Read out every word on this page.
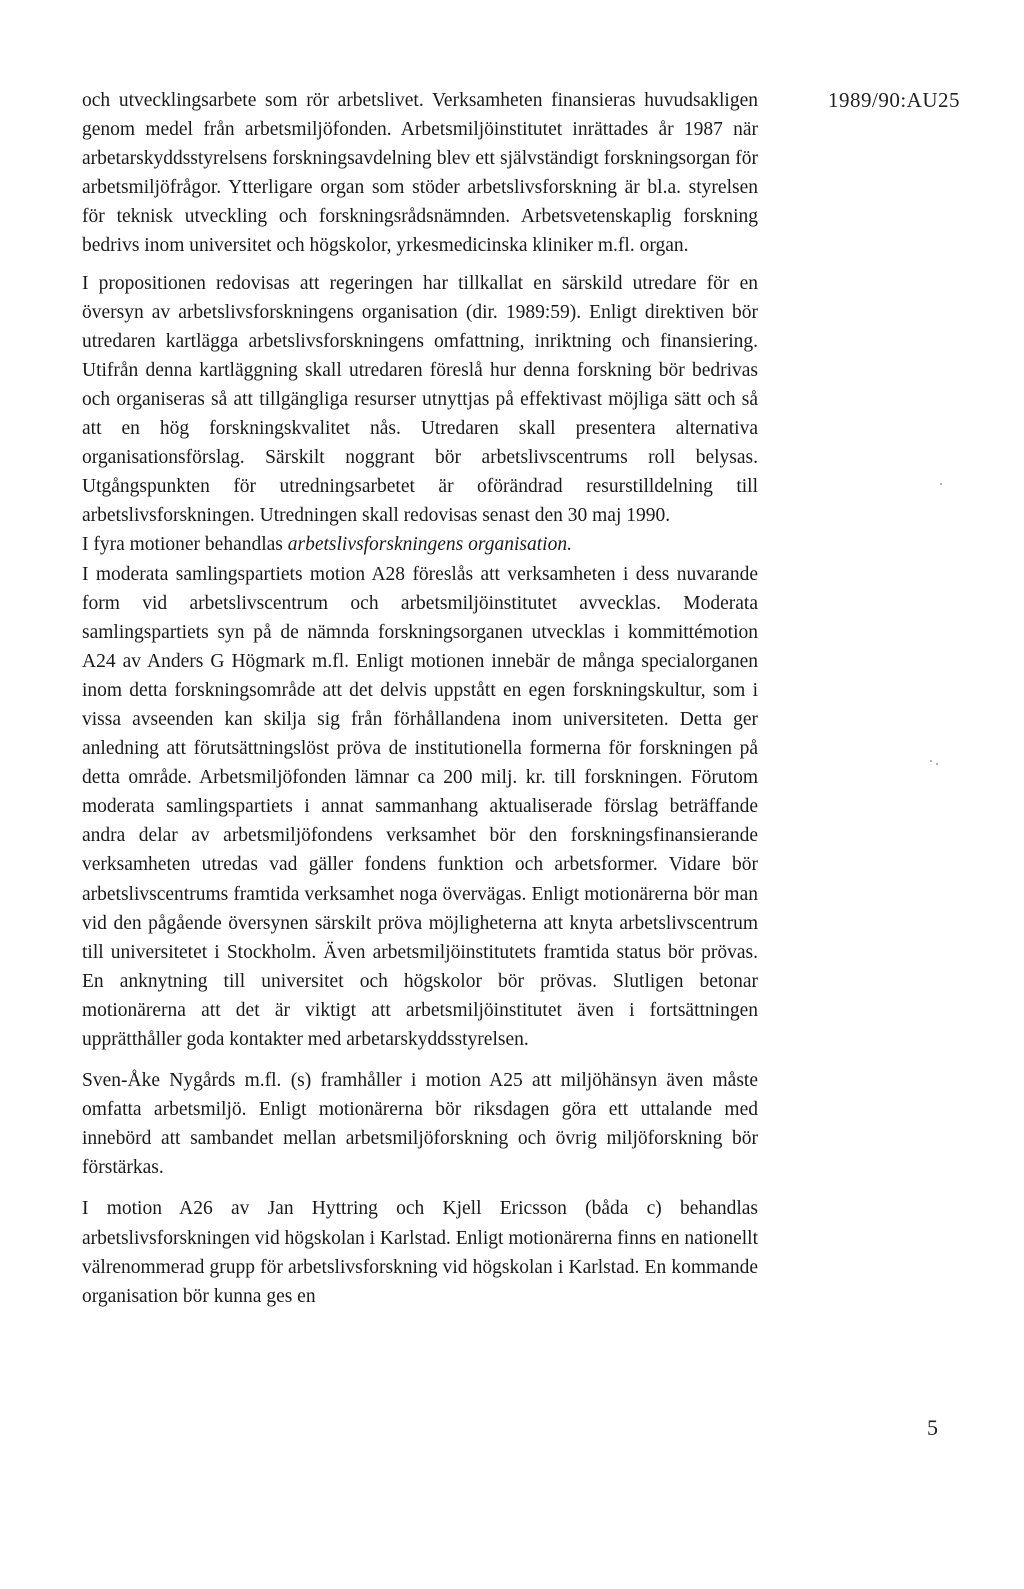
1989/90:AU25

och utvecklingsarbete som rör arbetslivet. Verksamheten finansieras huvudsakligen genom medel från arbetsmiljöfonden. Arbetsmiljöinstitutet inrättades år 1987 när arbetarskyddsstyrelsens forskningsavdelning blev ett självständigt forskningsorgan för arbetsmiljöfrågor. Ytterligare organ som stöder arbetslivsforskning är bl.a. styrelsen för teknisk utveckling och forskningsrådsnämnden. Arbetsvetenskaplig forskning bedrivs inom universitet och högskolor, yrkesmedicinska kliniker m.fl. organ.

I propositionen redovisas att regeringen har tillkallat en särskild utredare för en översyn av arbetslivsforskningens organisation (dir. 1989:59). Enligt direktiven bör utredaren kartlägga arbetslivsforskningens omfattning, inriktning och finansiering. Utifrån denna kartläggning skall utredaren föreslå hur denna forskning bör bedrivas och organiseras så att tillgängliga resurser utnyttjas på effektivast möjliga sätt och så att en hög forskningskvalitet nås. Utredaren skall presentera alternativa organisationsförslag. Särskilt noggrant bör arbetslivscentrums roll belysas. Utgångspunkten för utredningsarbetet är oförändrad resurstilldelning till arbetslivsforskningen. Utredningen skall redovisas senast den 30 maj 1990.

I fyra motioner behandlas arbetslivsforskningens organisation.

I moderata samlingspartiets motion A28 föreslås att verksamheten i dess nuvarande form vid arbetslivscentrum och arbetsmiljöinstitutet avvecklas. Moderata samlingspartiets syn på de nämnda forskningsorganen utvecklas i kommittémotion A24 av Anders G Högmark m.fl. Enligt motionen innebär de många specialorganen inom detta forskningsområde att det delvis uppstått en egen forskningskultur, som i vissa avseenden kan skilja sig från förhållandena inom universiteten. Detta ger anledning att förutsättningslöst pröva de institutionella formerna för forskningen på detta område. Arbetsmiljöfonden lämnar ca 200 milj. kr. till forskningen. Förutom moderata samlingspartiets i annat sammanhang aktualiserade förslag beträffande andra delar av arbetsmiljöfondens verksamhet bör den forskningsfinansierande verksamheten utredas vad gäller fondens funktion och arbetsformer. Vidare bör arbetslivscentrums framtida verksamhet noga övervägas. Enligt motionärerna bör man vid den pågående översynen särskilt pröva möjligheterna att knyta arbetslivscentrum till universitetet i Stockholm. Även arbetsmiljöinstitutets framtida status bör prövas. En anknytning till universitet och högskolor bör prövas. Slutligen betonar motionärerna att det är viktigt att arbetsmiljöinstitutet även i fortsättningen upprätthåller goda kontakter med arbetarskyddsstyrelsen.

Sven-Åke Nygårds m.fl. (s) framhåller i motion A25 att miljöhänsyn även måste omfatta arbetsmiljö. Enligt motionärerna bör riksdagen göra ett uttalande med innebörd att sambandet mellan arbetsmiljöforskning och övrig miljöforskning bör förstärkas.

I motion A26 av Jan Hyttring och Kjell Ericsson (båda c) behandlas arbetslivsforskningen vid högskolan i Karlstad. Enligt motionärerna finns en nationellt välrenommerad grupp för arbetslivsforskning vid högskolan i Karlstad. En kommande organisation bör kunna ges en

5
